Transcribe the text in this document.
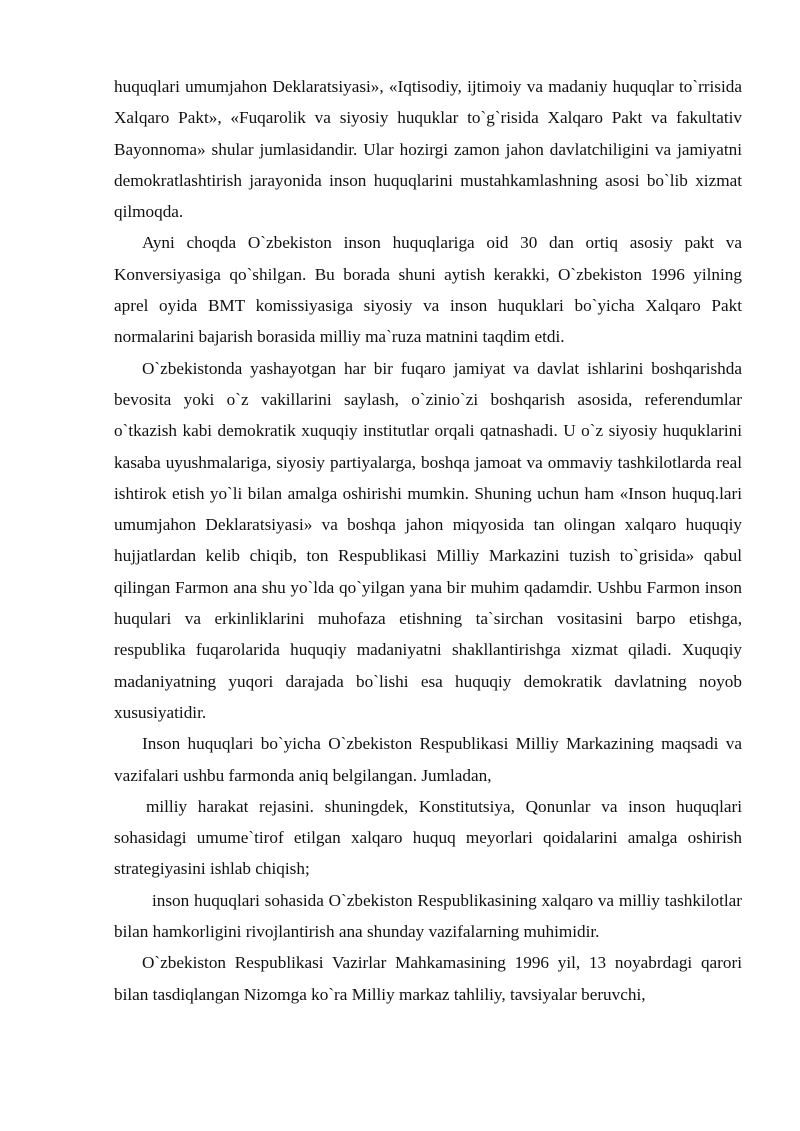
huquqlari umumjahon Deklaratsiyasi», «Iqtisodiy, ijtimoiy va madaniy huquqlar to`rrisida Xalqaro Pakt», «Fuqarolik va siyosiy huquklar to`g`risida Xalqaro Pakt va fakultativ Bayonnoma» shular jumlasidandir. Ular hozirgi zamon jahon davlatchiligini va jamiyatni demokratlashtirish jarayonida inson huquqlarini mustahkamlashning asosi bo`lib xizmat qilmoqda.

Ayni choqda O`zbekiston inson huquqlariga oid 30 dan ortiq asosiy pakt va Konversiyasiga qo`shilgan. Bu borada shuni aytish kerakki, O`zbekiston 1996 yilning aprel oyida BMT komissiyasiga siyosiy va inson huquklari bo`yicha Xalqaro Pakt normalarini bajarish borasida milliy ma`ruza matnini taqdim etdi.

O`zbekistonda yashayotgan har bir fuqaro jamiyat va davlat ishlarini boshqarishda bevosita yoki o`z vakillarini saylash, o`zinio`zi boshqarish asosida, referendumlar o`tkazish kabi demokratik xuquqiy institutlar orqali qatnashadi. U o`z siyosiy huquklarini kasaba uyushmalariga, siyosiy partiyalarga, boshqa jamoat va ommaviy tashkilotlarda real ishtirok etish yo`li bilan amalga oshirishi mumkin. Shuning uchun ham «Inson huquq.lari umumjahon Deklaratsiyasi» va boshqa jahon miqyosida tan olingan xalqaro huquqiy hujjatlardan kelib chiqib, ton Respublikasi Milliy Markazini tuzish to`grisida» qabul qilingan Farmon ana shu yo`lda qo`yilgan yana bir muhim qadamdir. Ushbu Farmon inson huqulari va erkinliklarini muhofaza etishning ta`sirchan vositasini barpo etishga, respublika fuqarolarida huquqiy madaniyatni shakllantirishga xizmat qiladi. Xuquqiy madaniyatning yuqori darajada bo`lishi esa huquqiy demokratik davlatning noyob xususiyatidir.

Inson huquqlari bo`yicha O`zbekiston Respublikasi Milliy Markazining maqsadi va vazifalari ushbu farmonda aniq belgilangan. Jumladan,

milliy harakat rejasini. shuningdek, Konstitutsiya, Qonunlar va inson huquqlari sohasidagi umume`tirof etilgan xalqaro huquq meyorlari qoidalarini amalga oshirish strategiyasini ishlab chiqish;

inson huquqlari sohasida O`zbekiston Respublikasining xalqaro va milliy tashkilotlar bilan hamkorligini rivojlantirish ana shunday vazifalarning muhimidir.

O`zbekiston Respublikasi Vazirlar Mahkamasining 1996 yil, 13 noyabrdagi qarori bilan tasdiqlangan Nizomga ko`ra Milliy markaz tahliliy, tavsiyalar beruvchi,
